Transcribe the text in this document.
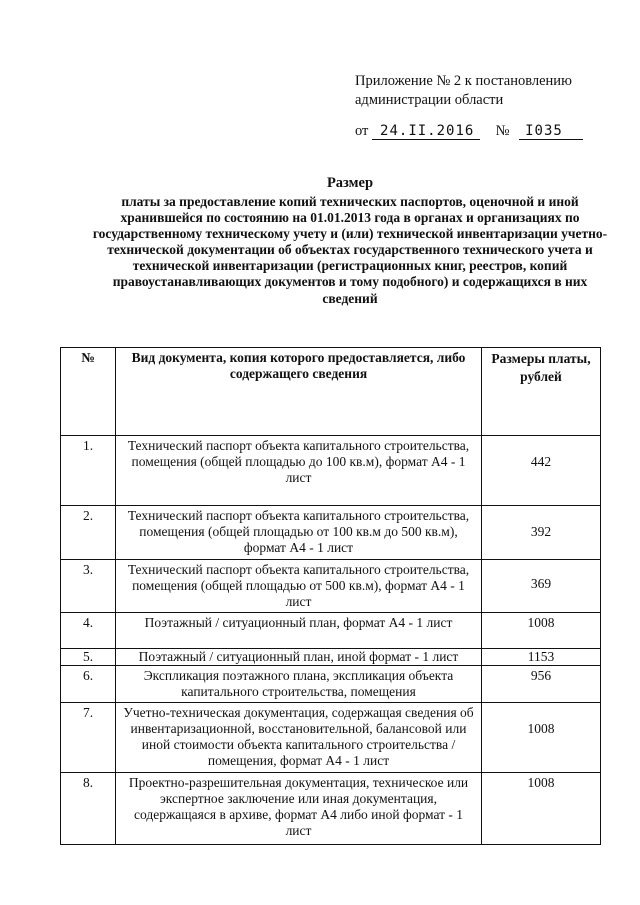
Приложение № 2 к постановлению
администрации области
от 24.II.2016 № I035
Размер
платы за предоставление копий технических паспортов, оценочной и иной хранившейся по состоянию на 01.01.2013 года в органах и организациях по государственному техническому учету и (или) технической инвентаризации учетно-технической документации об объектах государственного технического учета и технической инвентаризации (регистрационных книг, реестров, копий правоустанавливающих документов и тому подобного) и содержащихся в них сведений
№	Вид документа, копия которого предоставляется, либо содержащего сведения	Размеры платы, рублей
1.	Технический паспорт объекта капитального строительства, помещения (общей площадью до 100 кв.м), формат А4 - 1 лист	442
2.	Технический паспорт объекта капитального строительства, помещения (общей площадью от 100 кв.м до 500 кв.м), формат А4 - 1 лист	392
3.	Технический паспорт объекта капитального строительства, помещения (общей площадью от 500 кв.м), формат А4 - 1 лист	369
4.	Поэтажный / ситуационный план, формат А4 - 1 лист	1008
5.	Поэтажный / ситуационный план, иной формат - 1 лист	1153
6.	Экспликация поэтажного плана, экспликация объекта капитального строительства, помещения	956
7.	Учетно-техническая документация, содержащая сведения об инвентаризационной, восстановительной, балансовой или иной стоимости объекта капитального строительства / помещения, формат А4 - 1 лист	1008
8.	Проектно-разрешительная документация, техническое или экспертное заключение или иная документация, содержащаяся в архиве, формат А4 либо иной формат - 1 лист	1008
